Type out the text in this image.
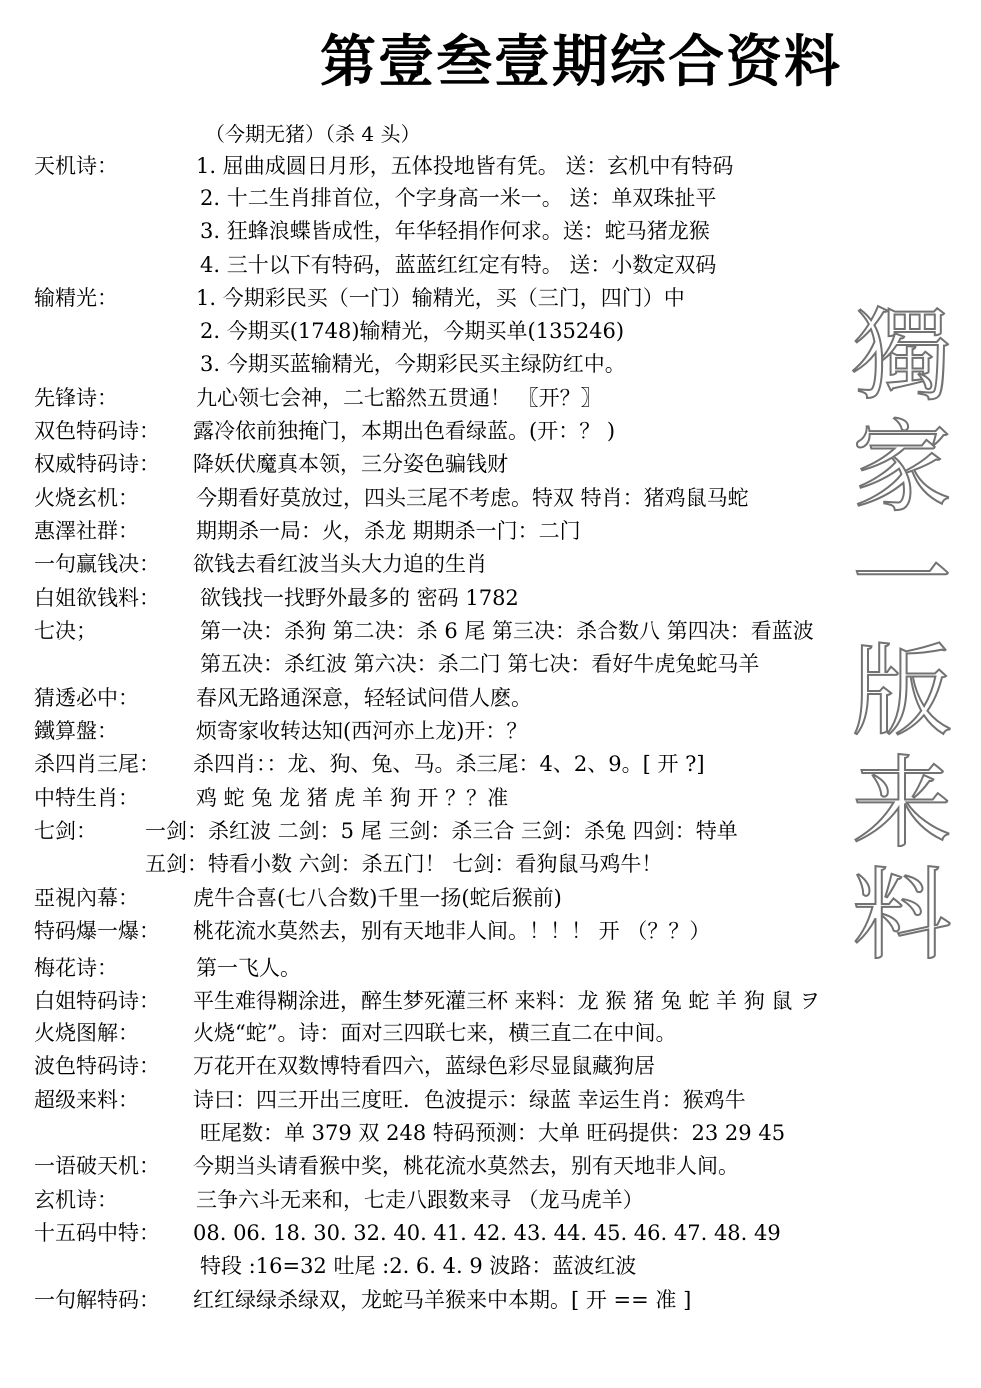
第壹叁壹期综合资料
（今期无猪）（杀 4 头）
天机诗：	1. 屈曲成圆日月形，五体投地皆有凭。 送：玄机中有特码
2. 十二生肖排首位，个字身高一米一。 送：单双珠扯平
3. 狂蜂浪蝶皆成性，年华轻捐作何求。送：蛇马猪龙猴
4. 三十以下有特码，蓝蓝红红定有特。 送：小数定双码
输精光：	1. 今期彩民买（一门）输精光，买（三门，四门）中
2. 今期买(1748)输精光，今期买单(135246)
3. 今期买蓝输精光，今期彩民买主绿防红中。
先锋诗：	九心领七会神，二七豁然五贯通！ 〖开？〗
双色特码诗： 露冷依前独掩门，本期出色看绿蓝。(开：？ )
权威特码诗： 降妖伏魔真本领，三分姿色骗钱财
火烧玄机：	今期看好莫放过，四头三尾不考虑。特双 特肖：猪鸡鼠马蛇
惠澤社群：	期期杀一局：火，杀龙 期期杀一门：二门
一句赢钱决： 欲钱去看红波当头大力追的生肖
白姐欲钱料： 欲钱找一找野外最多的 密码 1782
七决；	第一决：杀狗 第二决：杀 6 尾 第三决：杀合数八 第四决：看蓝波
第五决：杀红波 第六决：杀二门 第七决：看好牛虎兔蛇马羊
猜透必中：	春风无路通深意，轻轻试问借人麽。
鐵算盤：	烦寄家收转达知(西河亦上龙)开：？
杀四肖三尾： 杀四肖：：龙、狗、兔、马。杀三尾：4、2、9。[ 开 ?]
中特生肖：	鸡 蛇 兔 龙 猪 虎 羊 狗 开 ？？准
七剑： 一剑：杀红波 二剑：5 尾 三剑：杀三合 三剑：杀兔 四剑：特单
五剑：特看小数 六剑：杀五门！ 七剑：看狗鼠马鸡牛！
亞視內幕：	虎牛合喜(七八合数)千里一扬(蛇后猴前)
特码爆一爆： 桃花流水莫然去，别有天地非人间。！！！ 开 （？？）
梅花诗：	第一飞人。
白姐特码诗： 平生难得糊涂进，醉生梦死灌三杯 来料：龙 猴 猪 兔 蛇 羊 狗 鼠 ヲ
火烧图解：	火烧“蛇”。诗：面对三四联七来，横三直二在中间。
波色特码诗： 万花开在双数博特看四六，蓝绿色彩尽显鼠藏狗居
超级来料：	诗曰：四三开出三度旺．色波提示：绿蓝 幸运生肖：猴鸡牛
旺尾数：单 379 双 248 特码预测：大单 旺码提供：23 29 45
一语破天机： 今期当头请看猴中奖，桃花流水莫然去，别有天地非人间。
玄机诗：	三争六斗无来和，七走八跟数来寻 （龙马虎羊）
十五码中特： 08. 06. 18. 30. 32. 40. 41. 42. 43. 44. 45. 46. 47. 48. 49
特段 :16=32 吐尾 :2. 6. 4. 9 波路：蓝波红波
一句解特码： 红红绿绿杀绿双，龙蛇马羊猴来中本期。[ 开 == 准 ]
獨
家
一
版
来
料
